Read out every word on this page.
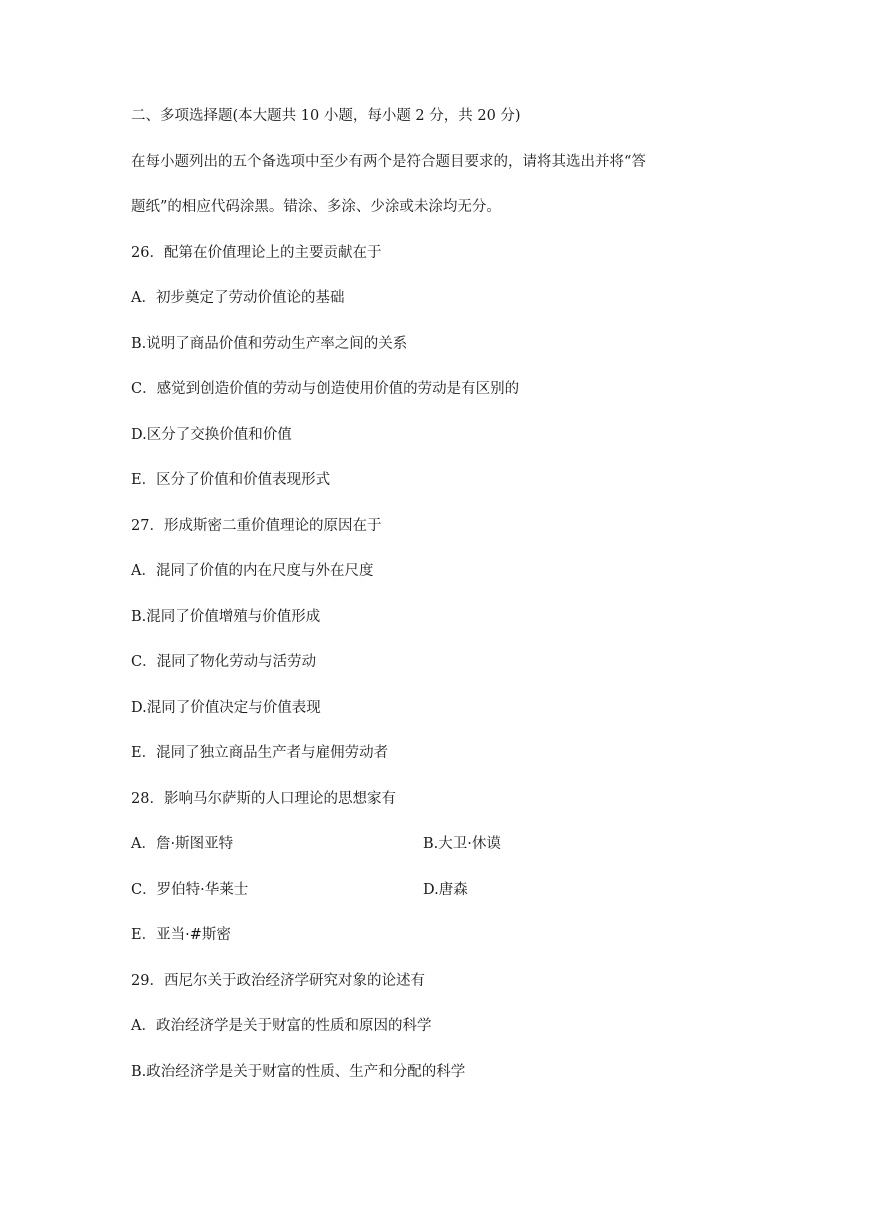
二、多项选择题(本大题共 10 小题，每小题 2 分，共 20 分)
在每小题列出的五个备选项中至少有两个是符合题目要求的，请将其选出并将“答
题纸”的相应代码涂黑。错涂、多涂、少涂或未涂均无分。
26．配第在价值理论上的主要贡献在于
A．初步奠定了劳动价值论的基础
B.说明了商品价值和劳动生产率之间的关系
C．感觉到创造价值的劳动与创造使用价值的劳动是有区别的
D.区分了交换价值和价值
E．区分了价值和价值表现形式
27．形成斯密二重价值理论的原因在于
A．混同了价值的内在尺度与外在尺度
B.混同了价值增殖与价值形成
C．混同了物化劳动与活劳动
D.混同了价值决定与价值表现
E．混同了独立商品生产者与雇佣劳动者
28．影响马尔萨斯的人口理论的思想家有
A．詹·斯图亚特	B.大卫·休谟
C．罗伯特·华莱士	D.唐森
E．亚当·#斯密
29．西尼尔关于政治经济学研究对象的论述有
A．政治经济学是关于财富的性质和原因的科学
B.政治经济学是关于财富的性质、生产和分配的科学
